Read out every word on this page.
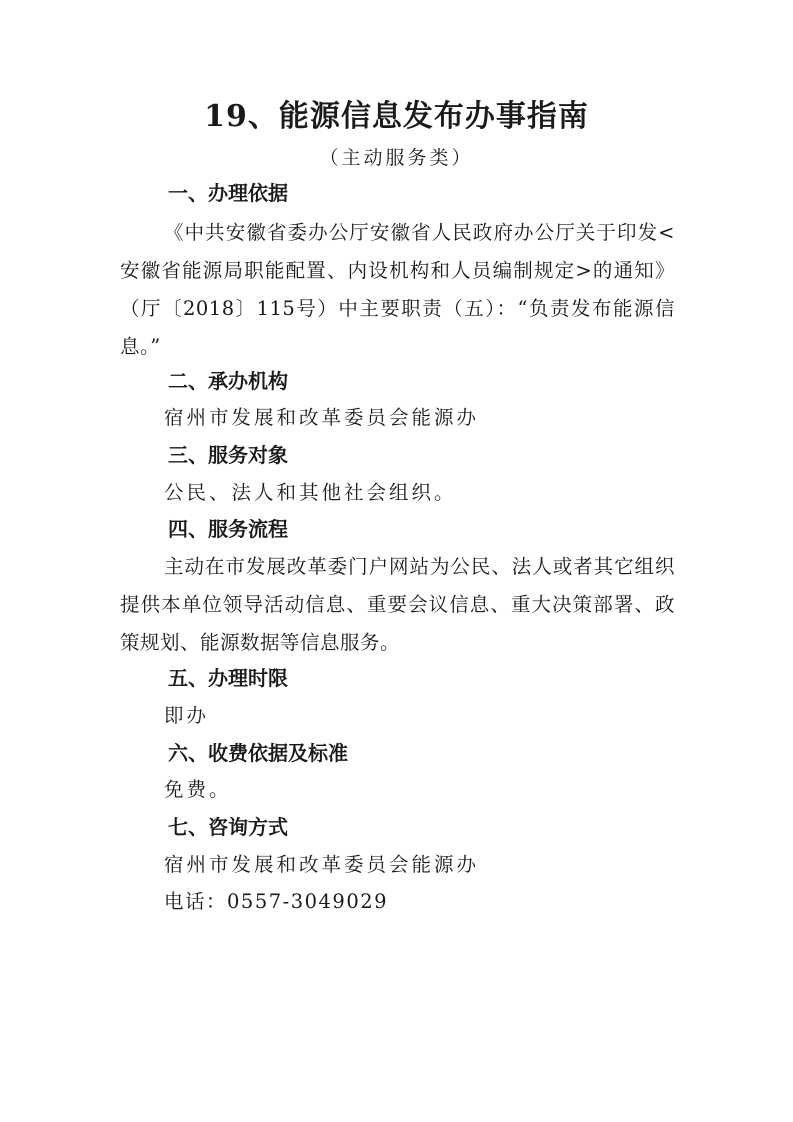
19、能源信息发布办事指南
（主动服务类）
一、办理依据
《中共安徽省委办公厅安徽省人民政府办公厅关于印发<安徽省能源局职能配置、内设机构和人员编制规定>的通知》（厅〔2018〕115号）中主要职责（五）：“负责发布能源信息。”
二、承办机构
宿州市发展和改革委员会能源办
三、服务对象
公民、法人和其他社会组织。
四、服务流程
主动在市发展改革委门户网站为公民、法人或者其它组织提供本单位领导活动信息、重要会议信息、重大决策部署、政策规划、能源数据等信息服务。
五、办理时限
即办
六、收费依据及标准
免费。
七、咨询方式
宿州市发展和改革委员会能源办
电话：0557-3049029
